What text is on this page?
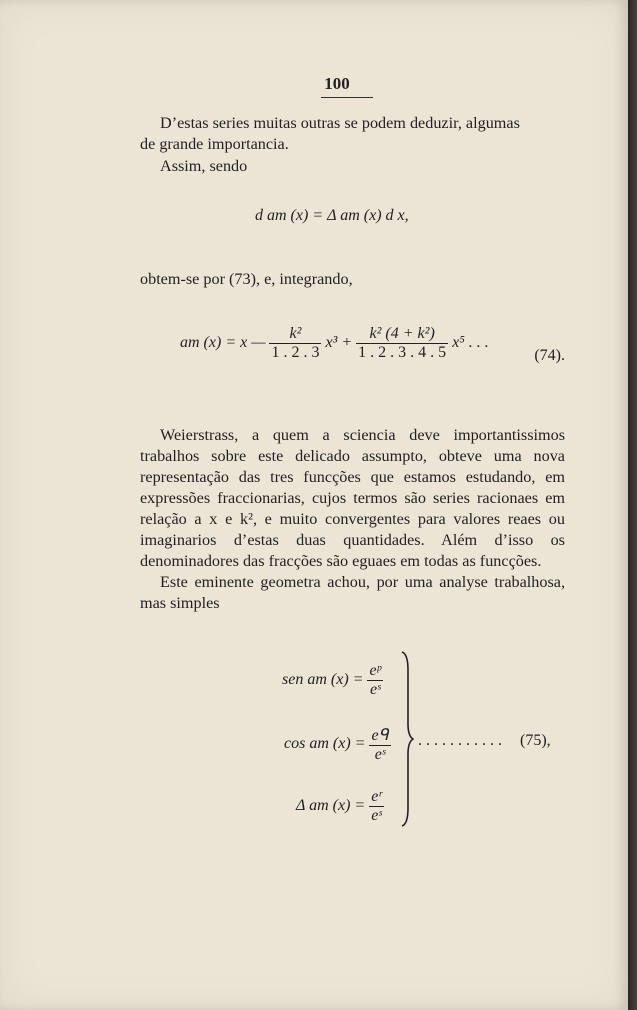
100
D’estas series muitas outras se podem deduzir, algumas
de grande importancia.
Assim, sendo
d am (x) = Δ am (x) d x,
obtem-se por (73), e, integrando,
am (x) = x — $\frac{\text{k²}}{1 . 2 . 3} x^3 + \frac{\text{k² (4 + k²)}}{1 . 2 . 3 . 4 . 5} x^5$ . . .
(74).
Weierstrass, a quem a sciencia deve importantissimos trabalhos sobre este delicado assumpto, obteve uma nova representação das tres funcções que estamos estudando, em expressões fraccionarias, cujos termos são series racionaes em relação a x e k², e muito convergentes para valores reaes ou imaginarios d’estas duas quantidades. Além d’isso os denominadores das fracções são eguaes em todas as funcções.
Este eminente geometra achou, por uma analyse trabalhosa, mas simples
sen am $(x) = \frac{\text{eᵖ}}{\text{eˢ}}$
cos am $(x) = \frac{\text{eᑫ}}{\text{eˢ}}$
Δ am $(x) = \frac{\text{eʳ}}{\text{eˢ}}$
. . . . . . . . . . . (75),
